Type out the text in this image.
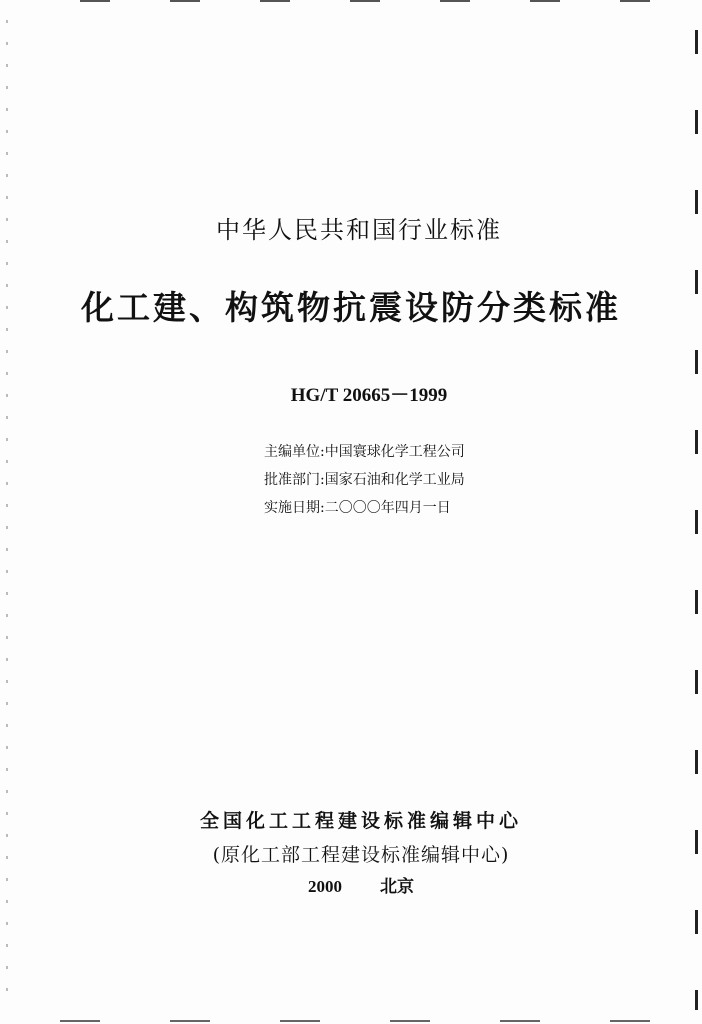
中华人民共和国行业标准
化工建、构筑物抗震设防分类标准
HG/T 20665－1999
主编单位:中国寰球化学工程公司
批准部门:国家石油和化学工业局
实施日期:二〇〇〇年四月一日
全国化工工程建设标准编辑中心
(原化工部工程建设标准编辑中心)
2000 北京
